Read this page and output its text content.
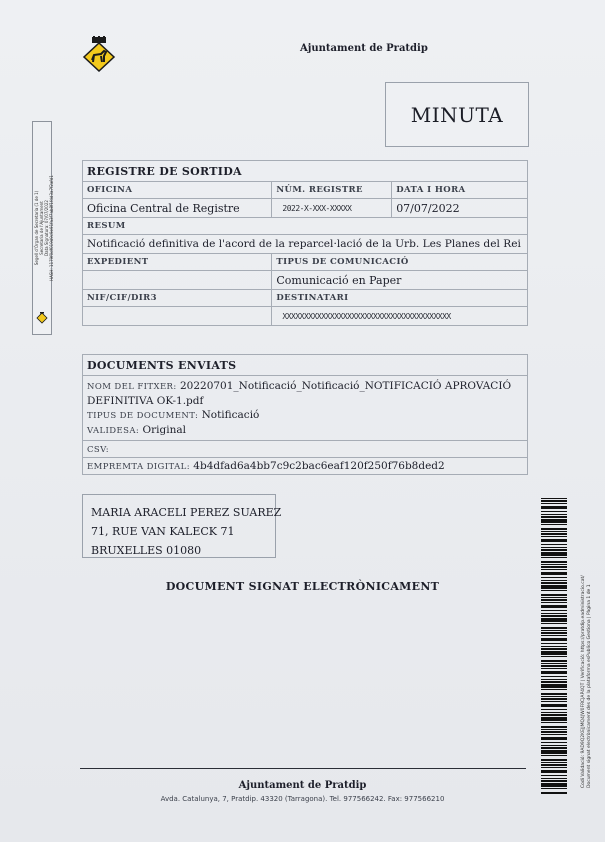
Ajuntament de Pratdip
MINUTA
Segell d'Òrgan de Secretaria (1 de 1) Secretaria de l'Ajuntament Data Signatura: 07/07/2022 HASH: 1179f0df019d9c9e91fa3f7ab8f1fdd3a7f2afd1
REGISTRE DE SORTIDA		
OFICINA	NÚM. REGISTRE	DATA I HORA
Oficina Central de Registre	2022-X-XXX-XXXXX	07/07/2022
RESUM		
Notificació definitiva de l'acord de la reparcel·lació de la Urb. Les Planes del Rei		
EXPEDIENT	TIPUS DE COMUNICACIÓ	
	Comunicació en Paper	
NIF/CIF/DIR3	DESTINATARI	
	XXXXXXXXXXXXXXXXXXXXXXXXXXXXXXXXXXXXXXX	
DOCUMENTS ENVIATS
NOM DEL FITXER: 20220701_Notificació_Notificació_NOTIFICACIÓ APROVACIÓ
DEFINITIVA OK-1.pdf
TIPUS DE DOCUMENT: Notificació
VALIDESA: Original
CSV:
EMPREMTA DIGITAL: 4b4dfad6a4bb7c9c2bac6eaf120f250f76b8ded2
MARIA ARACELI PEREZ SUAREZ
71, RUE VAN KALECK 71
BRUXELLES 01080
DOCUMENT SIGNAT ELECTRÒNICAMENT	Codi Validació: 9AD9Q2KEJJMQ4JW0FRCJAP4QT | Verificació: https://pratdip.eadministracio.cat/ Document signat electrònicament des de la plataforma esPublico Gestiona | Pàgina 1 de 1
Ajuntament de Pratdip
Avda. Catalunya, 7, Pratdip. 43320 (Tarragona). Tel. 977566242. Fax: 977566210
